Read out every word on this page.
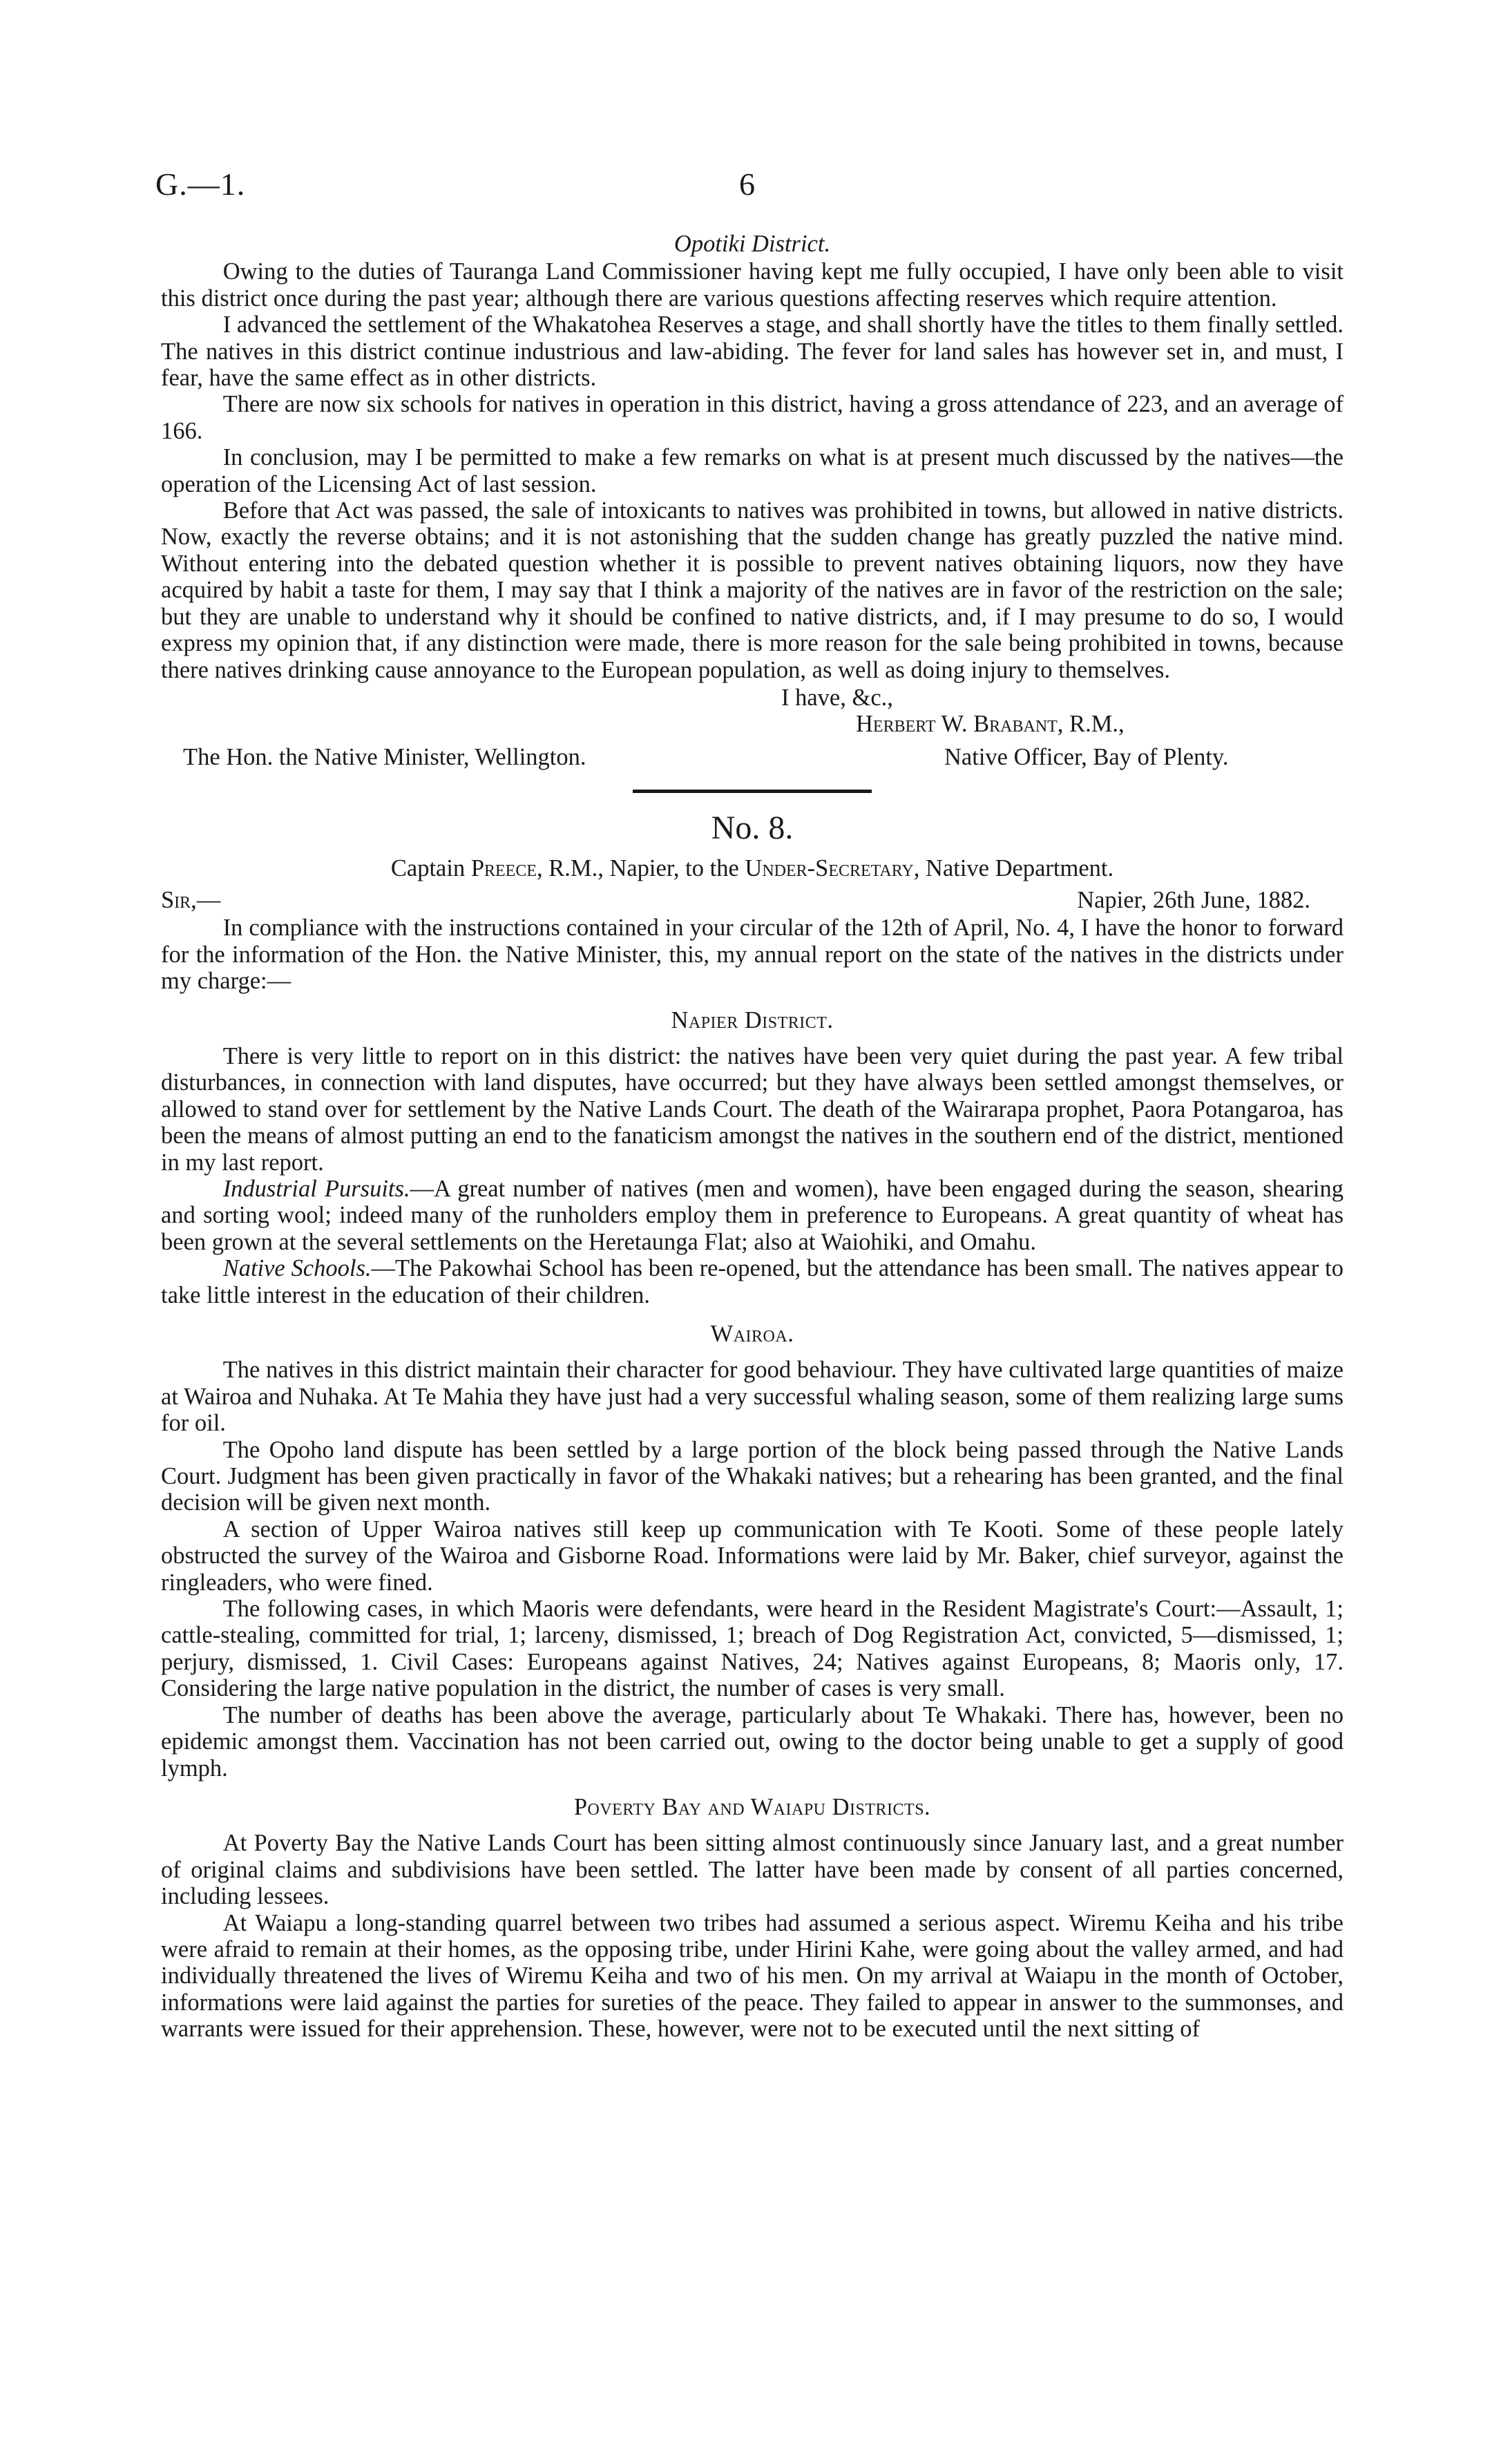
G.—1.	6
Opotiki District.

Owing to the duties of Tauranga Land Commissioner having kept me fully occupied, I have only been able to visit this district once during the past year; although there are various questions affecting reserves which require attention.

I advanced the settlement of the Whakatohea Reserves a stage, and shall shortly have the titles to them finally settled. The natives in this district continue industrious and law-abiding. The fever for land sales has however set in, and must, I fear, have the same effect as in other districts.

There are now six schools for natives in operation in this district, having a gross attendance of 223, and an average of 166.

In conclusion, may I be permitted to make a few remarks on what is at present much discussed by the natives—the operation of the Licensing Act of last session.

Before that Act was passed, the sale of intoxicants to natives was prohibited in towns, but allowed in native districts. Now, exactly the reverse obtains; and it is not astonishing that the sudden change has greatly puzzled the native mind. Without entering into the debated question whether it is possible to prevent natives obtaining liquors, now they have acquired by habit a taste for them, I may say that I think a majority of the natives are in favor of the restriction on the sale; but they are unable to understand why it should be confined to native districts, and, if I may presume to do so, I would express my opinion that, if any distinction were made, there is more reason for the sale being prohibited in towns, because there natives drinking cause annoyance to the European population, as well as doing injury to themselves.

I have, &c.,
Herbert W. Brabant, R.M.,
The Hon. the Native Minister, Wellington.	Native Officer, Bay of Plenty.
No. 8.
Captain Preece, R.M., Napier, to the Under-Secretary, Native Department.
Sir,—	Napier, 26th June, 1882.

In compliance with the instructions contained in your circular of the 12th of April, No. 4, I have the honor to forward for the information of the Hon. the Native Minister, this, my annual report on the state of the natives in the districts under my charge:—

Napier District.

There is very little to report on in this district: the natives have been very quiet during the past year. A few tribal disturbances, in connection with land disputes, have occurred; but they have always been settled amongst themselves, or allowed to stand over for settlement by the Native Lands Court. The death of the Wairarapa prophet, Paora Potangaroa, has been the means of almost putting an end to the fanaticism amongst the natives in the southern end of the district, mentioned in my last report.

Industrial Pursuits.—A great number of natives (men and women), have been engaged during the season, shearing and sorting wool; indeed many of the runholders employ them in preference to Europeans. A great quantity of wheat has been grown at the several settlements on the Heretaunga Flat; also at Waiohiki, and Omahu.

Native Schools.—The Pakowhai School has been re-opened, but the attendance has been small. The natives appear to take little interest in the education of their children.

Wairoa.

The natives in this district maintain their character for good behaviour. They have cultivated large quantities of maize at Wairoa and Nuhaka. At Te Mahia they have just had a very successful whaling season, some of them realizing large sums for oil.

The Opoho land dispute has been settled by a large portion of the block being passed through the Native Lands Court. Judgment has been given practically in favor of the Whakaki natives; but a rehearing has been granted, and the final decision will be given next month.

A section of Upper Wairoa natives still keep up communication with Te Kooti. Some of these people lately obstructed the survey of the Wairoa and Gisborne Road. Informations were laid by Mr. Baker, chief surveyor, against the ringleaders, who were fined.

The following cases, in which Maoris were defendants, were heard in the Resident Magistrate's Court:—Assault, 1; cattle-stealing, committed for trial, 1; larceny, dismissed, 1; breach of Dog Registration Act, convicted, 5—dismissed, 1; perjury, dismissed, 1. Civil Cases: Europeans against Natives, 24; Natives against Europeans, 8; Maoris only, 17. Considering the large native population in the district, the number of cases is very small.

The number of deaths has been above the average, particularly about Te Whakaki. There has, however, been no epidemic amongst them. Vaccination has not been carried out, owing to the doctor being unable to get a supply of good lymph.

Poverty Bay and Waiapu Districts.

At Poverty Bay the Native Lands Court has been sitting almost continuously since January last, and a great number of original claims and subdivisions have been settled. The latter have been made by consent of all parties concerned, including lessees.

At Waiapu a long-standing quarrel between two tribes had assumed a serious aspect. Wiremu Keiha and his tribe were afraid to remain at their homes, as the opposing tribe, under Hirini Kahe, were going about the valley armed, and had individually threatened the lives of Wiremu Keiha and two of his men. On my arrival at Waiapu in the month of October, informations were laid against the parties for sureties of the peace. They failed to appear in answer to the summonses, and warrants were issued for their apprehension. These, however, were not to be executed until the next sitting of
